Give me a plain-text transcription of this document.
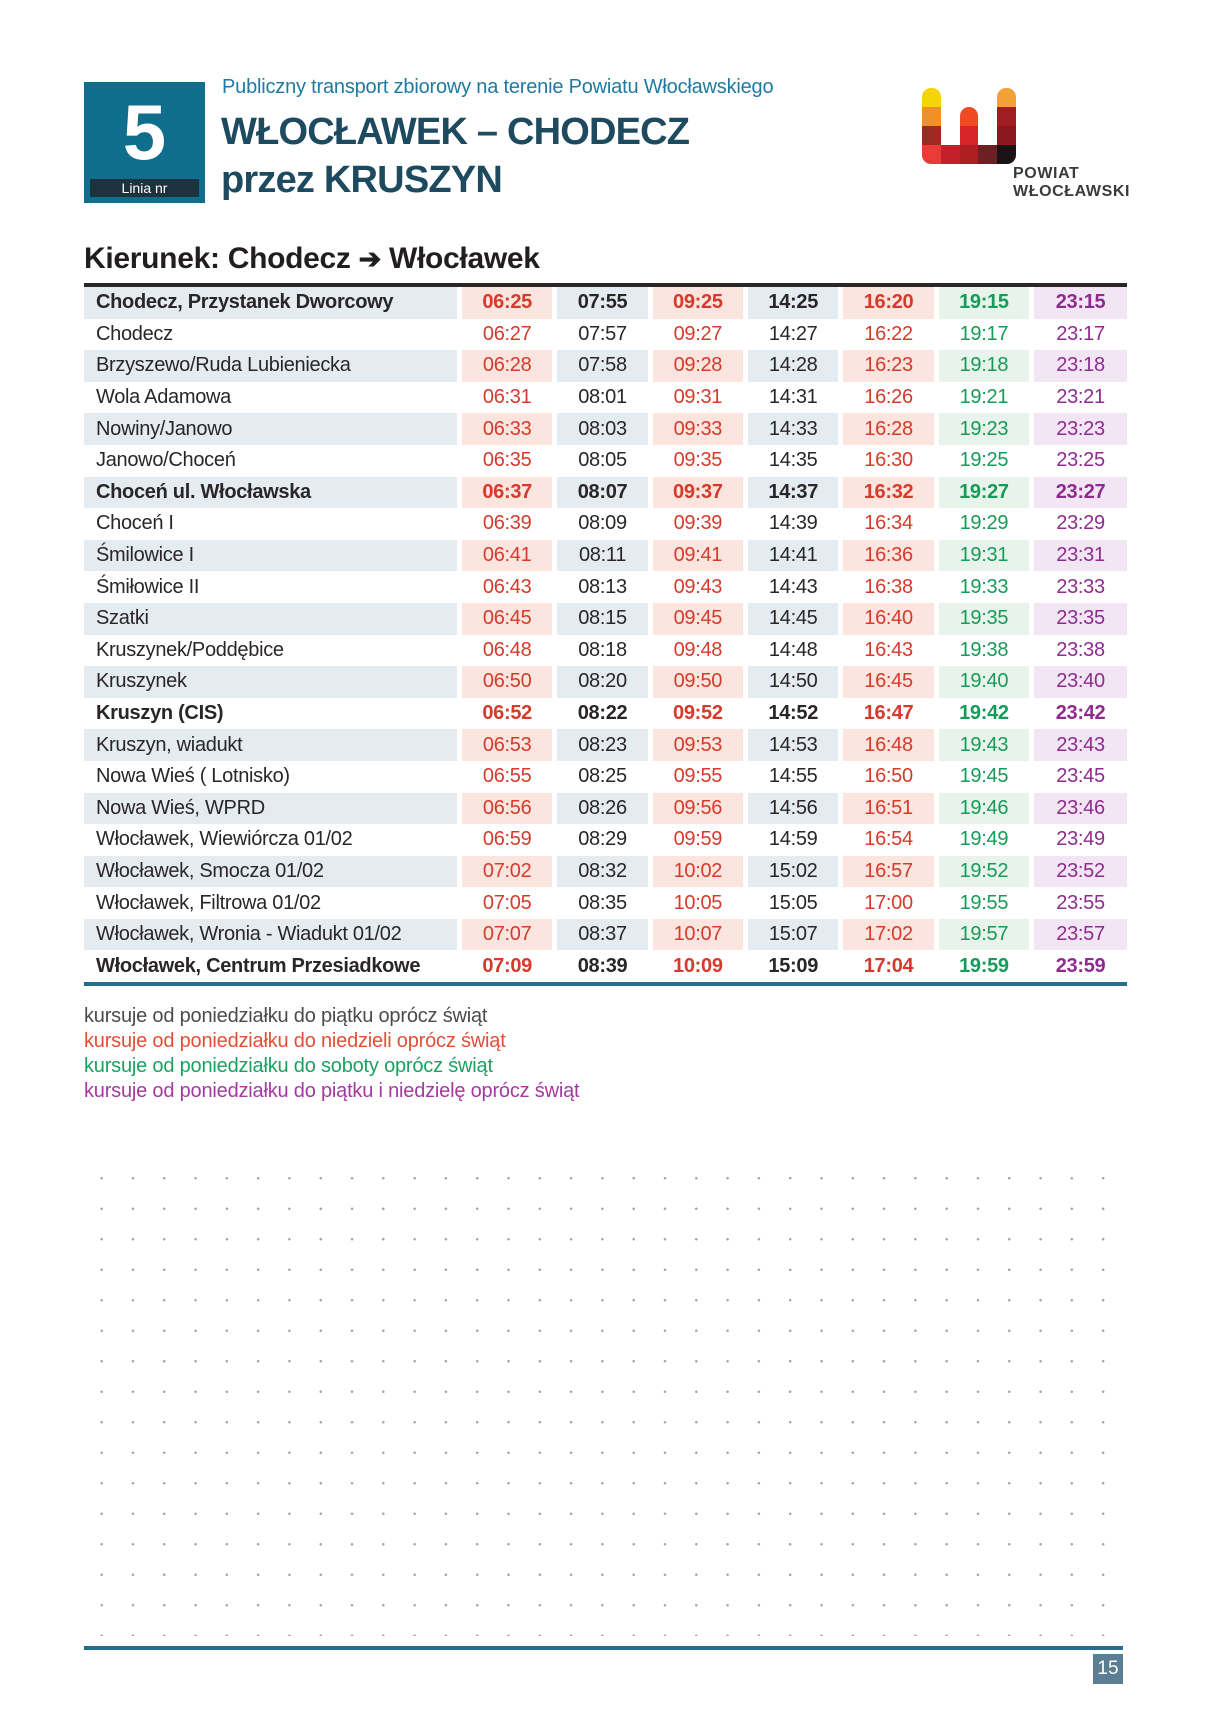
5
Linia nr
Publiczny transport zbiorowy na terenie Powiatu Włocławskiego
WŁOCŁAWEK – CHODECZ
przez KRUSZYN	POWIAT
WŁOCŁAWSKI
Kierunek: Chodecz ➔ Włocławek
Chodecz, Przystanek Dworcowy	06:25	07:55	09:25	14:25	16:20	19:15	23:15
Chodecz	06:27	07:57	09:27	14:27	16:22	19:17	23:17
Brzyszewo/Ruda Lubieniecka	06:28	07:58	09:28	14:28	16:23	19:18	23:18
Wola Adamowa	06:31	08:01	09:31	14:31	16:26	19:21	23:21
Nowiny/Janowo	06:33	08:03	09:33	14:33	16:28	19:23	23:23
Janowo/Choceń	06:35	08:05	09:35	14:35	16:30	19:25	23:25
Choceń ul. Włocławska	06:37	08:07	09:37	14:37	16:32	19:27	23:27
Choceń I	06:39	08:09	09:39	14:39	16:34	19:29	23:29
Śmilowice I	06:41	08:11	09:41	14:41	16:36	19:31	23:31
Śmiłowice II	06:43	08:13	09:43	14:43	16:38	19:33	23:33
Szatki	06:45	08:15	09:45	14:45	16:40	19:35	23:35
Kruszynek/Poddębice	06:48	08:18	09:48	14:48	16:43	19:38	23:38
Kruszynek	06:50	08:20	09:50	14:50	16:45	19:40	23:40
Kruszyn (CIS)	06:52	08:22	09:52	14:52	16:47	19:42	23:42
Kruszyn, wiadukt	06:53	08:23	09:53	14:53	16:48	19:43	23:43
Nowa Wieś ( Lotnisko)	06:55	08:25	09:55	14:55	16:50	19:45	23:45
Nowa Wieś, WPRD	06:56	08:26	09:56	14:56	16:51	19:46	23:46
Włocławek, Wiewiórcza 01/02	06:59	08:29	09:59	14:59	16:54	19:49	23:49
Włocławek, Smocza 01/02	07:02	08:32	10:02	15:02	16:57	19:52	23:52
Włocławek, Filtrowa 01/02	07:05	08:35	10:05	15:05	17:00	19:55	23:55
Włocławek, Wronia - Wiadukt 01/02	07:07	08:37	10:07	15:07	17:02	19:57	23:57
Włocławek, Centrum Przesiadkowe	07:09	08:39	10:09	15:09	17:04	19:59	23:59
kursuje od poniedziałku do piątku oprócz świąt
kursuje od poniedziałku do niedzieli oprócz świąt
kursuje od poniedziałku do soboty oprócz świąt
kursuje od poniedziałku do piątku i niedzielę oprócz świąt
15
